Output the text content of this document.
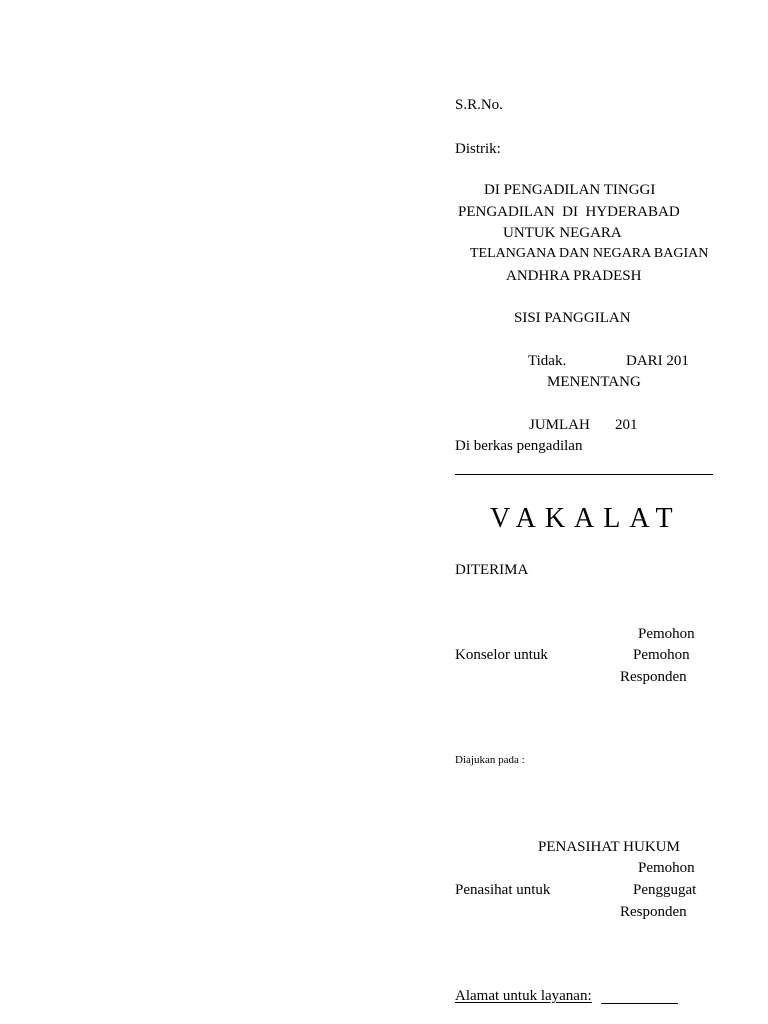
S.R.No.
Distrik:
DI PENGADILAN TINGGI
PENGADILAN  DI  HYDERABAD
UNTUK NEGARA
TELANGANA DAN NEGARA BAGIAN
ANDHRA PRADESH
SISI PANGGILAN
Tidak.	DARI 201
MENENTANG
JUMLAH 201
Di berkas pengadilan
VAKALAT
DITERIMA
Pemohon
Konselor untuk	Pemohon
Responden
Diajukan pada :
PENASIHAT HUKUM
Pemohon
Penasihat untuk	Penggugat
Responden
Alamat untuk layanan:
